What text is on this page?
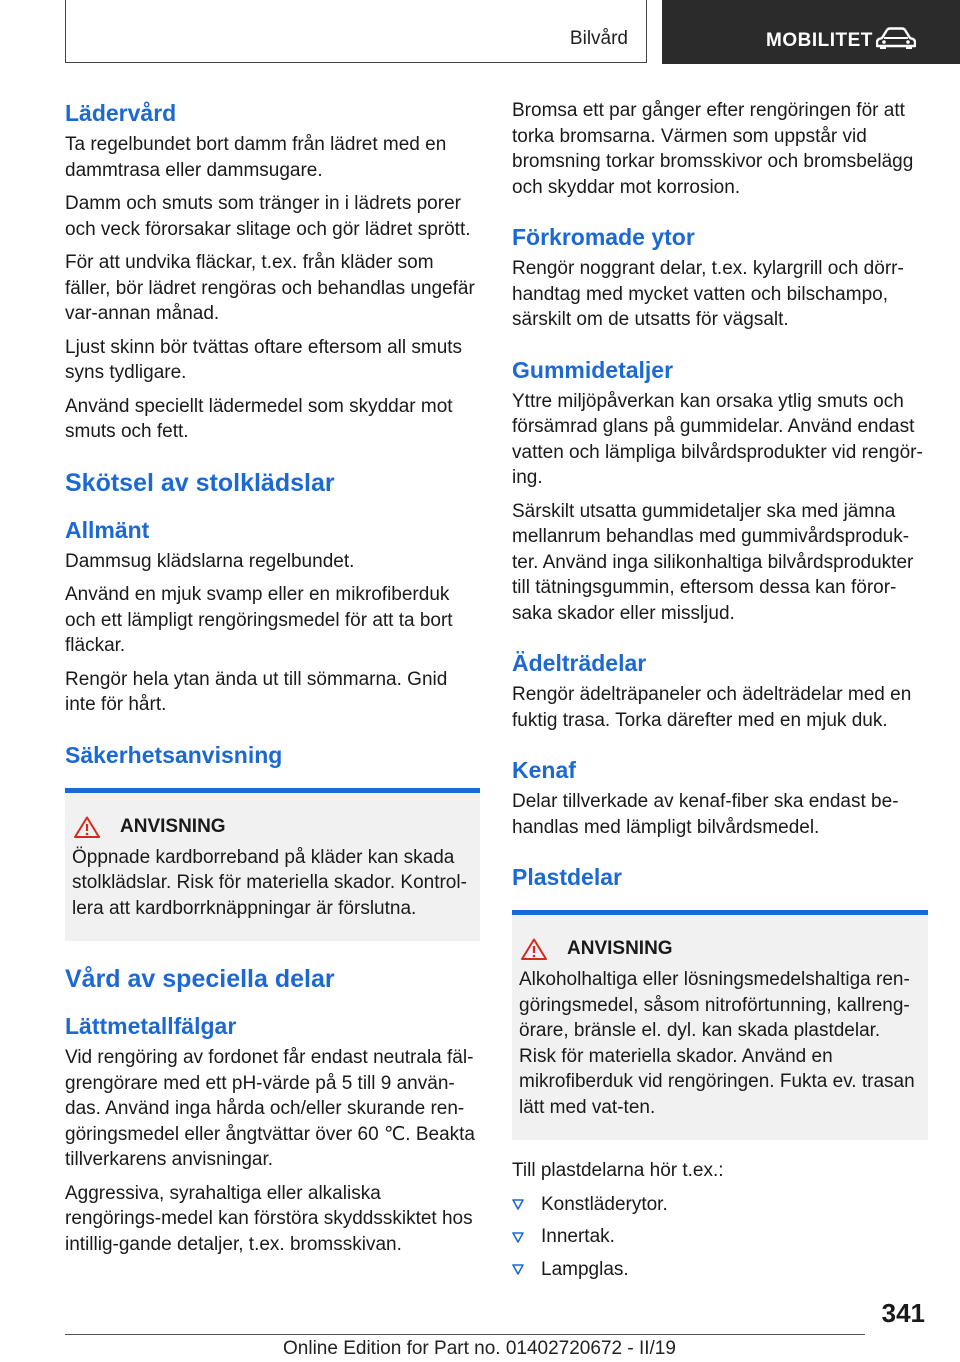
Bilvård	MOBILITET
Lädervård

Ta regelbundet bort damm från lädret med en dammtrasa eller dammsugare.

Damm och smuts som tränger in i lädrets porer och veck förorsakar slitage och gör lädret sprött.

För att undvika fläckar, t.ex. från kläder som fäller, bör lädret rengöras och behandlas ungefär var-annan månad.

Ljust skinn bör tvättas oftare eftersom all smuts syns tydligare.

Använd speciellt lädermedel som skyddar mot smuts och fett.

Skötsel av stolklädslar
Allmänt

Dammsug klädslarna regelbundet.

Använd en mjuk svamp eller en mikrofiberduk och ett lämpligt rengöringsmedel för att ta bort fläckar.

Rengör hela ytan ända ut till sömmarna. Gnid inte för hårt.

Säkerhetsanvisning
ANVISNING

Öppnade kardborreband på kläder kan skada stolklädslar. Risk för materiella skador. Kontrol-lera att kardborrknäppningar är förslutna.

Vård av speciella delar
Lättmetallfälgar

Vid rengöring av fordonet får endast neutrala fäl-grengörare med ett pH-värde på 5 till 9 använ-das. Använd inga hårda och/eller skurande ren-göringsmedel eller ångtvättar över 60 ℃. Beakta tillverkarens anvisningar.

Aggressiva, syrahaltiga eller alkaliska rengörings-medel kan förstöra skyddsskiktet hos intillig-gande detaljer, t.ex. bromsskivan.

Bromsa ett par gånger efter rengöringen för att torka bromsarna. Värmen som uppstår vid bromsning torkar bromsskivor och bromsbelägg och skyddar mot korrosion.

Förkromade ytor

Rengör noggrant delar, t.ex. kylargrill och dörr-handtag med mycket vatten och bilschampo, särskilt om de utsatts för vägsalt.

Gummidetaljer

Yttre miljöpåverkan kan orsaka ytlig smuts och försämrad glans på gummidelar. Använd endast vatten och lämpliga bilvårdsprodukter vid rengör-ing.

Särskilt utsatta gummidetaljer ska med jämna mellanrum behandlas med gummivårdsproduk-ter. Använd inga silikonhaltiga bilvårdsprodukter till tätningsgummin, eftersom dessa kan föror-saka skador eller missljud.

Ädelträdelar

Rengör ädelträpaneler och ädelträdelar med en fuktig trasa. Torka därefter med en mjuk duk.

Kenaf

Delar tillverkade av kenaf-fiber ska endast be-handlas med lämpligt bilvårdsmedel.

Plastdelar
ANVISNING

Alkoholhaltiga eller lösningsmedelshaltiga ren-göringsmedel, såsom nitroförtunning, kallreng-örare, bränsle el. dyl. kan skada plastdelar. Risk för materiella skador. Använd en mikrofiberduk vid rengöringen. Fukta ev. trasan lätt med vat-ten.

Till plastdelarna hör t.ex.:

Konstläderytor.
Innertak.
Lampglas.
341
Online Edition for Part no. 01402720672 - II/19
